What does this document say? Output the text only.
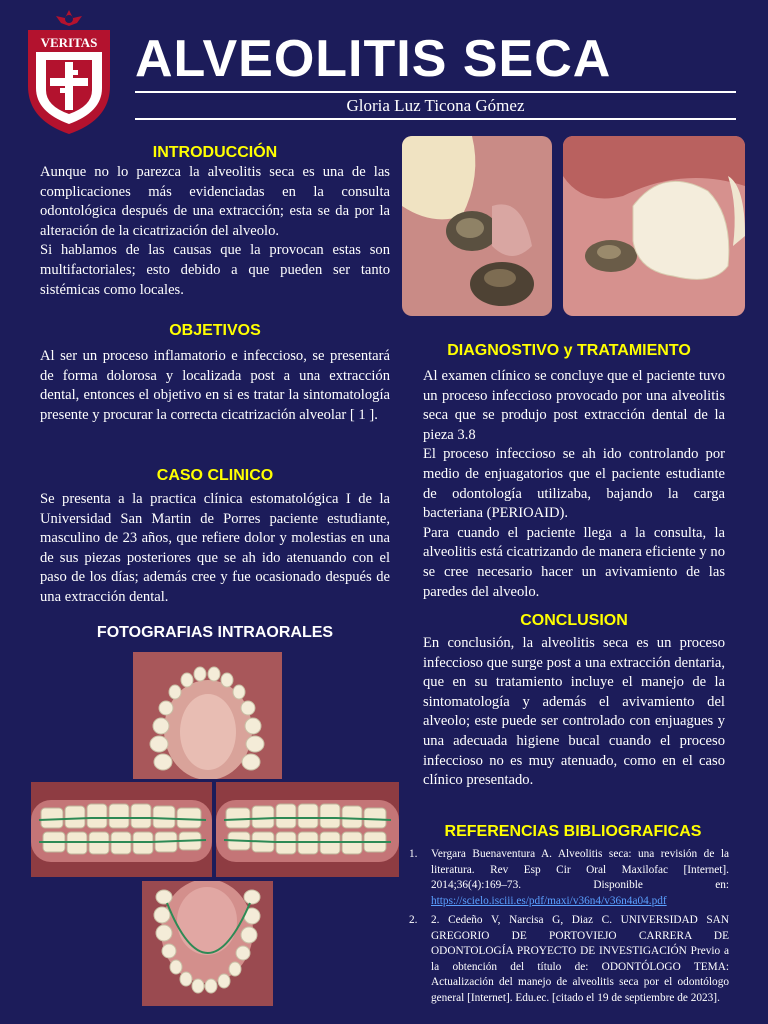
VERITAS ALVEOLITIS SECA
Gloria Luz Ticona Gómez
INTRODUCCIÓN

Aunque no lo parezca la alveolitis seca es una de las complicaciones más evidenciadas en la consulta odontológica después de una extracción; esta se da por la alteración de la cicatrización del alveolo.

Si hablamos de las causas que la provocan estas son multifactoriales; esto debido a que pueden ser tanto sistémicas como locales.

OBJETIVOS

Al ser un proceso inflamatorio e infeccioso, se presentará de forma dolorosa y localizada post a una extracción dental, entonces el objetivo en si es tratar la sintomatología presente y procurar la correcta cicatrización alveolar [ 1 ].

CASO CLINICO

Se presenta a la practica clínica estomatológica I de la Universidad San Martin de Porres paciente estudiante, masculino de 23 años, que refiere dolor y molestias en una de sus piezas posteriores que se ah ido atenuando con el paso de los días; además cree y fue ocasionado después de una extracción dental.

FOTOGRAFIAS INTRAORALES
DIAGNOSTIVO y TRATAMIENTO

Al examen clínico se concluye que el paciente tuvo un proceso infeccioso provocado por una alveolitis seca que se produjo post extracción dental de la pieza 3.8

El proceso infeccioso se ah ido controlando por medio de enjuagatorios que el paciente estudiante de odontología utilizaba, bajando la carga bacteriana (PERIOAID).

Para cuando el paciente llega a la consulta, la alveolitis está cicatrizando de manera eficiente y no se cree necesario hacer un avivamiento de las paredes del alveolo.

CONCLUSION

En conclusión, la alveolitis seca es un proceso infeccioso que surge post a una extracción dentaria, que en su tratamiento incluye el manejo de la sintomatología y además el avivamiento del alveolo; este puede ser controlado con enjuagues y una adecuada higiene bucal cuando el proceso infeccioso no es muy atenuado, como en el caso clínico presentado.

REFERENCIAS BIBLIOGRAFICAS
1. Vergara Buenaventura A. Alveolitis seca: una revisión de la literatura. Rev Esp Cir Oral Maxilofac [Internet]. 2014;36(4):169–73. Disponible en: https://scielo.isciii.es/pdf/maxi/v36n4/v36n4a04.pdf
2. 2. Cedeño V, Narcisa G, Diaz C. UNIVERSIDAD SAN GREGORIO DE PORTOVIEJO CARRERA DE ODONTOLOGÍA PROYECTO DE INVESTIGACIÓN Previo a la obtención del título de: ODONTÓLOGO TEMA: Actualización del manejo de alveolitis seca por el odontólogo general [Internet]. Edu.ec. [citado el 19 de septiembre de 2023].
